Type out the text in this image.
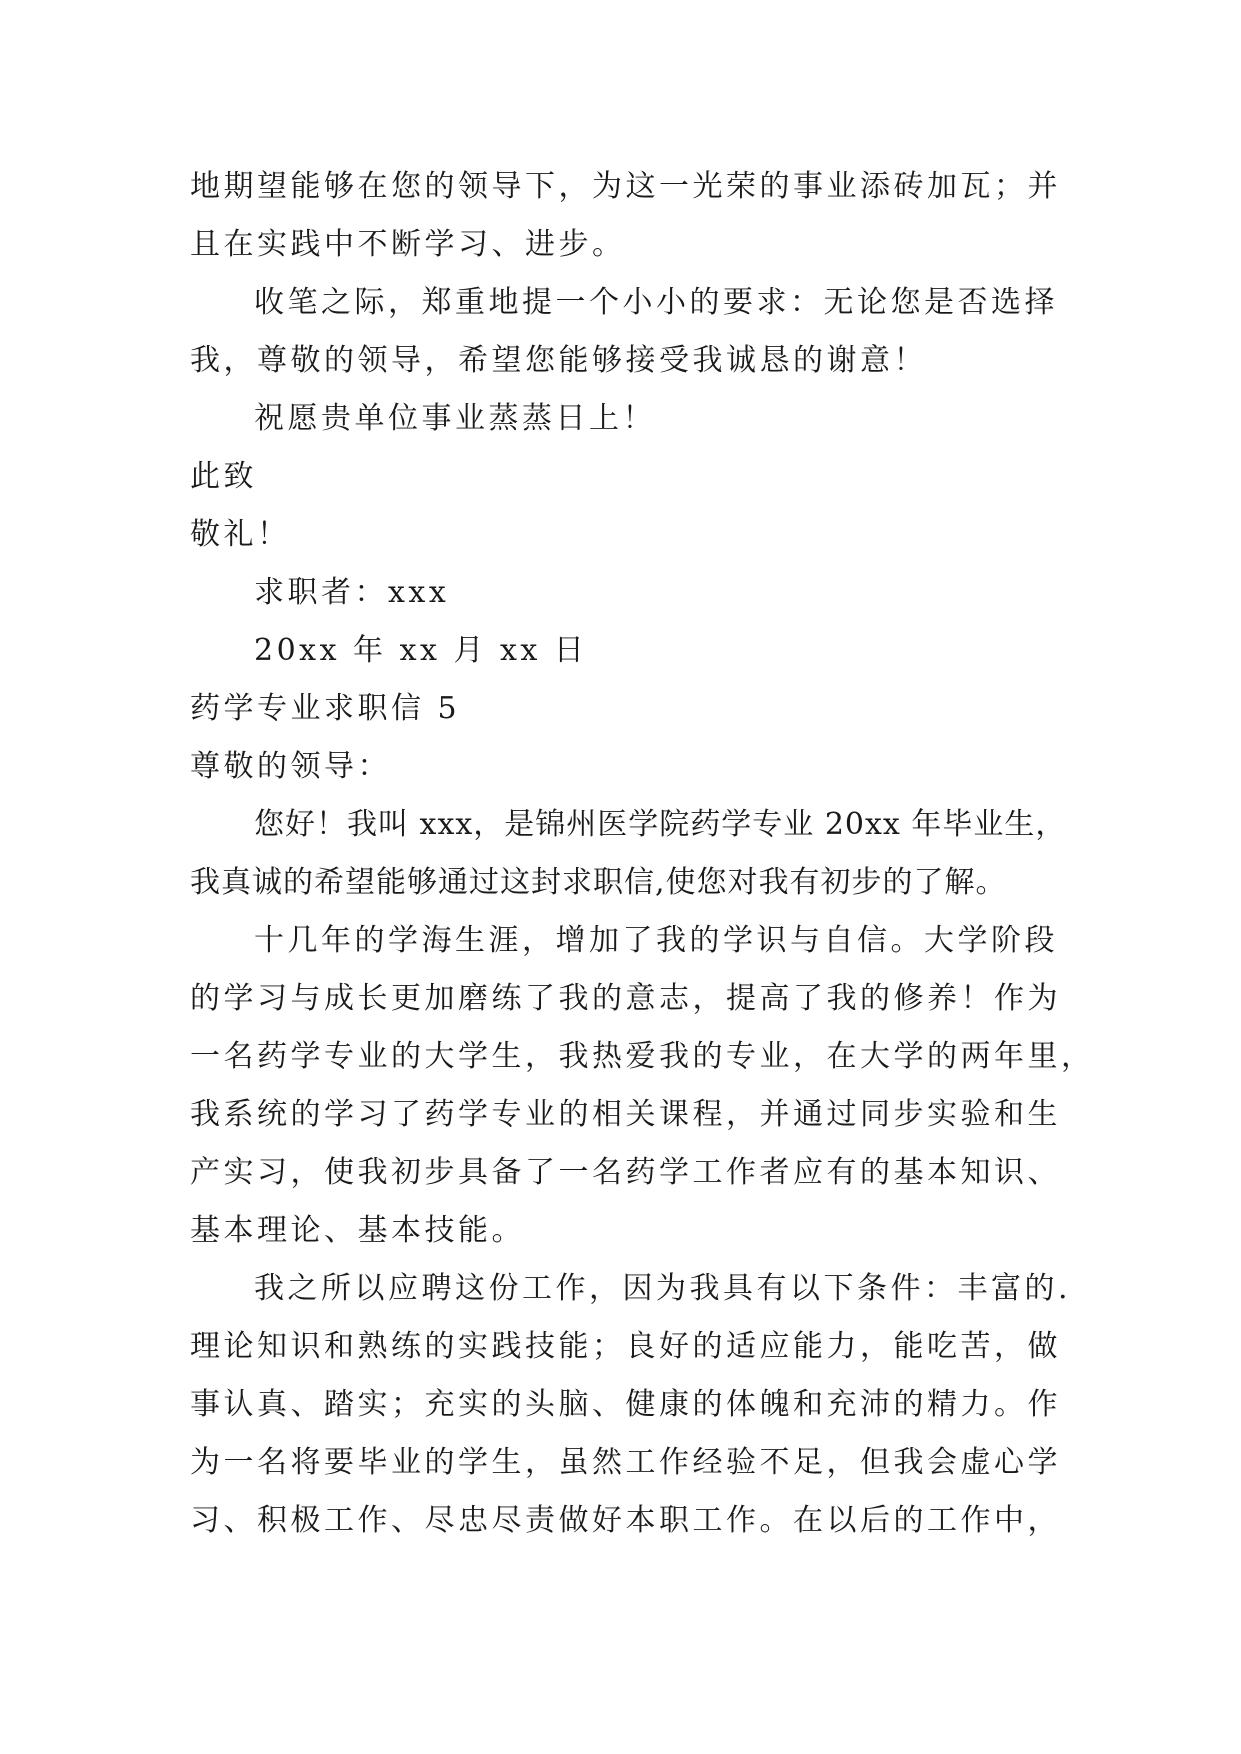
地期望能够在您的领导下，为这一光荣的事业添砖加瓦；并
且在实践中不断学习、进步。
收笔之际，郑重地提一个小小的要求：无论您是否选择
我，尊敬的领导，希望您能够接受我诚恳的谢意！
祝愿贵单位事业蒸蒸日上！
此致
敬礼！
求职者：xxx
20xx 年 xx 月 xx 日
药学专业求职信 5
尊敬的领导：
您好！我叫 xxx，是锦州医学院药学专业 20xx 年毕业生，
我真诚的希望能够通过这封求职信,使您对我有初步的了解。
十几年的学海生涯，增加了我的学识与自信。大学阶段
的学习与成长更加磨练了我的意志，提高了我的修养！作为
一名药学专业的大学生，我热爱我的专业，在大学的两年里，
我系统的学习了药学专业的相关课程，并通过同步实验和生
产实习，使我初步具备了一名药学工作者应有的基本知识、
基本理论、基本技能。
我之所以应聘这份工作，因为我具有以下条件：丰富的.
理论知识和熟练的实践技能；良好的适应能力，能吃苦，做
事认真、踏实；充实的头脑、健康的体魄和充沛的精力。作
为一名将要毕业的学生，虽然工作经验不足，但我会虚心学
习、积极工作、尽忠尽责做好本职工作。在以后的工作中，
